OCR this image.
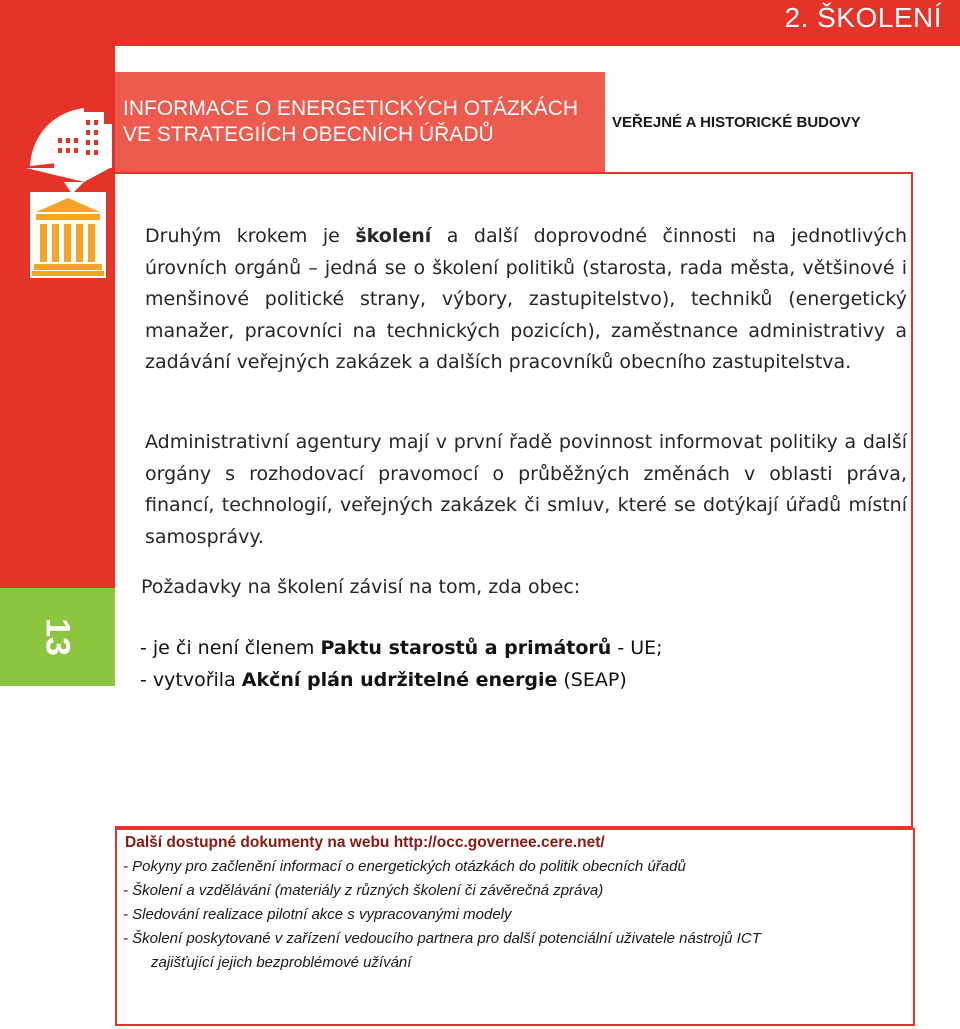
2. ŠKOLENÍ
13
INFORMACE O ENERGETICKÝCH OTÁZKÁCH
VE STRATEGIÍCH OBECNÍCH ÚŘADŮ
VEŘEJNÉ A HISTORICKÉ BUDOVY

Druhým krokem je školení a další doprovodné činnosti na jednotlivých úrovních orgánů – jedná se o školení politiků (starosta, rada města, většinové i menšinové politické strany, výbory, zastupitelstvo), techniků (energetický manažer, pracovníci na technických pozicích), zaměstnance administrativy a zadávání veřejných zakázek a dalších pracovníků obecního zastupitelstva.

Administrativní agentury mají v první řadě povinnost informovat politiky a další orgány s rozhodovací pravomocí o průběžných změnách v oblasti práva, financí, technologií, veřejných zakázek či smluv, které se dotýkají úřadů místní samosprávy.

Požadavky na školení závisí na tom, zda obec:

- je či není členem Paktu starostů a primátorů - UE;

- vytvořila Akční plán udržitelné energie (SEAP)

Další dostupné dokumenty na webu http://occ.governee.cere.net/

- Pokyny pro začlenění informací o energetických otázkách do politik obecních úřadů

- Školení a vzdělávání (materiály z různých školení či závěrečná zpráva)

- Sledování realizace pilotní akce s vypracovanými modely

- Školení poskytované v zařízení vedoucího partnera pro další potenciální uživatele nástrojů ICT

zajišťující jejich bezproblémové užívání
